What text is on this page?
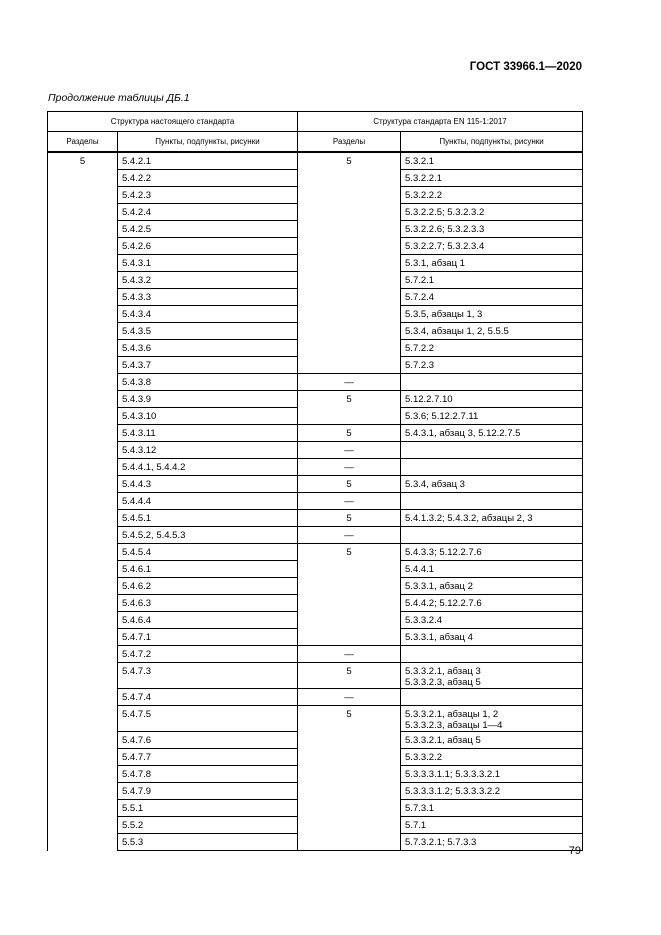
ГОСТ 33966.1—2020
Продолжение таблицы ДБ.1
Структура настоящего стандарта		Структура стандарта EN 115-1:2017	
Разделы	Пункты, подпункты, рисунки	Разделы	Пункты, подпункты, рисунки
5	5.4.2.1	5	5.3.2.1
	5.4.2.2		5.3.2.2.1
	5.4.2.3		5.3.2.2.2
	5.4.2.4		5.3.2.2.5; 5.3.2.3.2
	5.4.2.5		5.3.2.2.6; 5.3.2.3.3
	5.4.2.6		5.3.2.2.7; 5.3.2.3.4
	5.4.3.1		5.3.1, абзац 1
	5.4.3.2		5.7.2.1
	5.4.3.3		5.7.2.4
	5.4.3.4		5.3.5, абзацы 1, 3
	5.4.3.5		5.3.4, абзацы 1, 2, 5.5.5
	5.4.3.6		5.7.2.2
	5.4.3.7		5.7.2.3
	5.4.3.8	—	
	5.4.3.9	5	5.12.2.7.10
	5.4.3.10		5.3.6; 5.12.2.7.11
	5.4.3.11	5	5.4.3.1, абзац 3, 5.12.2.7.5
	5.4.3.12	—	
	5.4.4.1, 5.4.4.2	—	
	5.4.4.3	5	5.3.4, абзац 3
	5.4.4.4	—	
	5.4.5.1	5	5.4.1.3.2; 5.4.3.2, абзацы 2, 3
	5.4.5.2, 5.4.5.3	—	
	5.4.5.4	5	5.4.3.3; 5.12.2.7.6
	5.4.6.1		5.4.4.1
	5.4.6.2		5.3.3.1, абзац 2
	5.4.6.3		5.4.4.2; 5.12.2.7.6
	5.4.6.4		5.3.3.2.4
	5.4.7.1		5.3.3.1, абзац 4
	5.4.7.2	—	
	5.4.7.3	5	5.3.3.2.1, абзац 3
5.3.3.2.3, абзац 5
	5.4.7.4	—	
	5.4.7.5	5	5.3.3.2.1, абзацы 1, 2
5.3.3.2.3, абзацы 1—4
	5.4.7.6		5.3.3.2.1, абзац 5
	5.4.7.7		5.3.3.2.2
	5.4.7.8		5.3.3.3.1.1; 5.3.3.3.2.1
	5.4.7.9		5.3.3.3.1.2; 5.3.3.3.2.2
	5.5.1		5.7.3.1
	5.5.2		5.7.1
	5.5.3		5.7.3.2.1; 5.7.3.3
79
